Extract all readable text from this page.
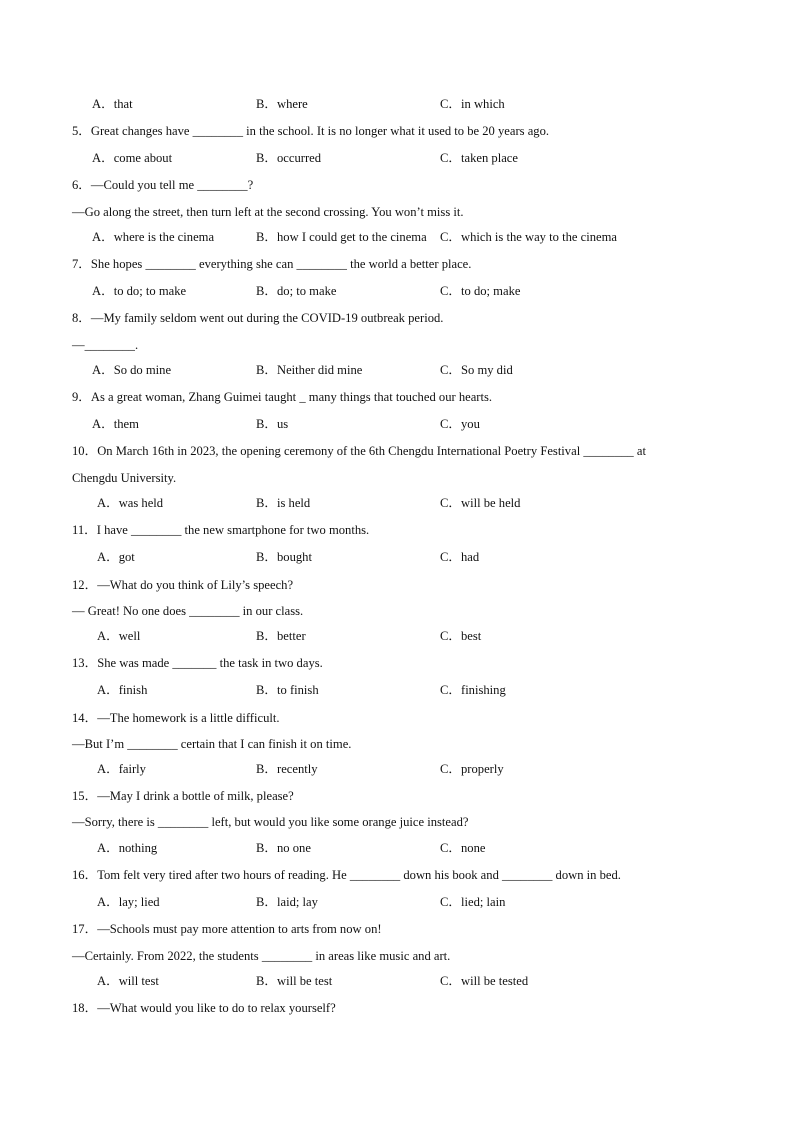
A．that	B．where	C．in which
5．Great changes have ________ in the school. It is no longer what it used to be 20 years ago.
A．come about	B．occurred	C．taken place
6．—Could you tell me ________?
—Go along the street, then turn left at the second crossing. You won’t miss it.
A．where is the cinema	B．how I could get to the cinema C．which is the way to the cinema
7．She hopes ________ everything she can ________ the world a better place.
A．to do; to make	B．do; to make	C．to do; make
8．—My family seldom went out during the COVID-19 outbreak period.
—________.
A．So do mine	B．Neither did mine	C．So my did
9．As a great woman, Zhang Guimei taught _ many things that touched our hearts.
A．them	B．us	C．you
10．On March 16th in 2023, the opening ceremony of the 6th Chengdu International Poetry Festival ________ at
Chengdu University.
A．was held	B．is held	C．will be held
11．I have ________ the new smartphone for two months.
A．got	B．bought	C．had
12．—What do you think of Lily’s speech?
— Great! No one does ________ in our class.
A．well	B．better	C．best
13．She was made _______ the task in two days.
A．finish	B．to finish	C．finishing
14．—The homework is a little difficult.
—But I’m ________ certain that I can finish it on time.
A．fairly	B．recently	C．properly
15．—May I drink a bottle of milk, please?
—Sorry, there is ________ left, but would you like some orange juice instead?
A．nothing	B．no one	C．none
16．Tom felt very tired after two hours of reading. He ________ down his book and ________ down in bed.
A．lay; lied	B．laid; lay	C．lied; lain
17．—Schools must pay more attention to arts from now on!
—Certainly. From 2022, the students ________ in areas like music and art.
A．will test	B．will be test	C．will be tested
18．—What would you like to do to relax yourself?
